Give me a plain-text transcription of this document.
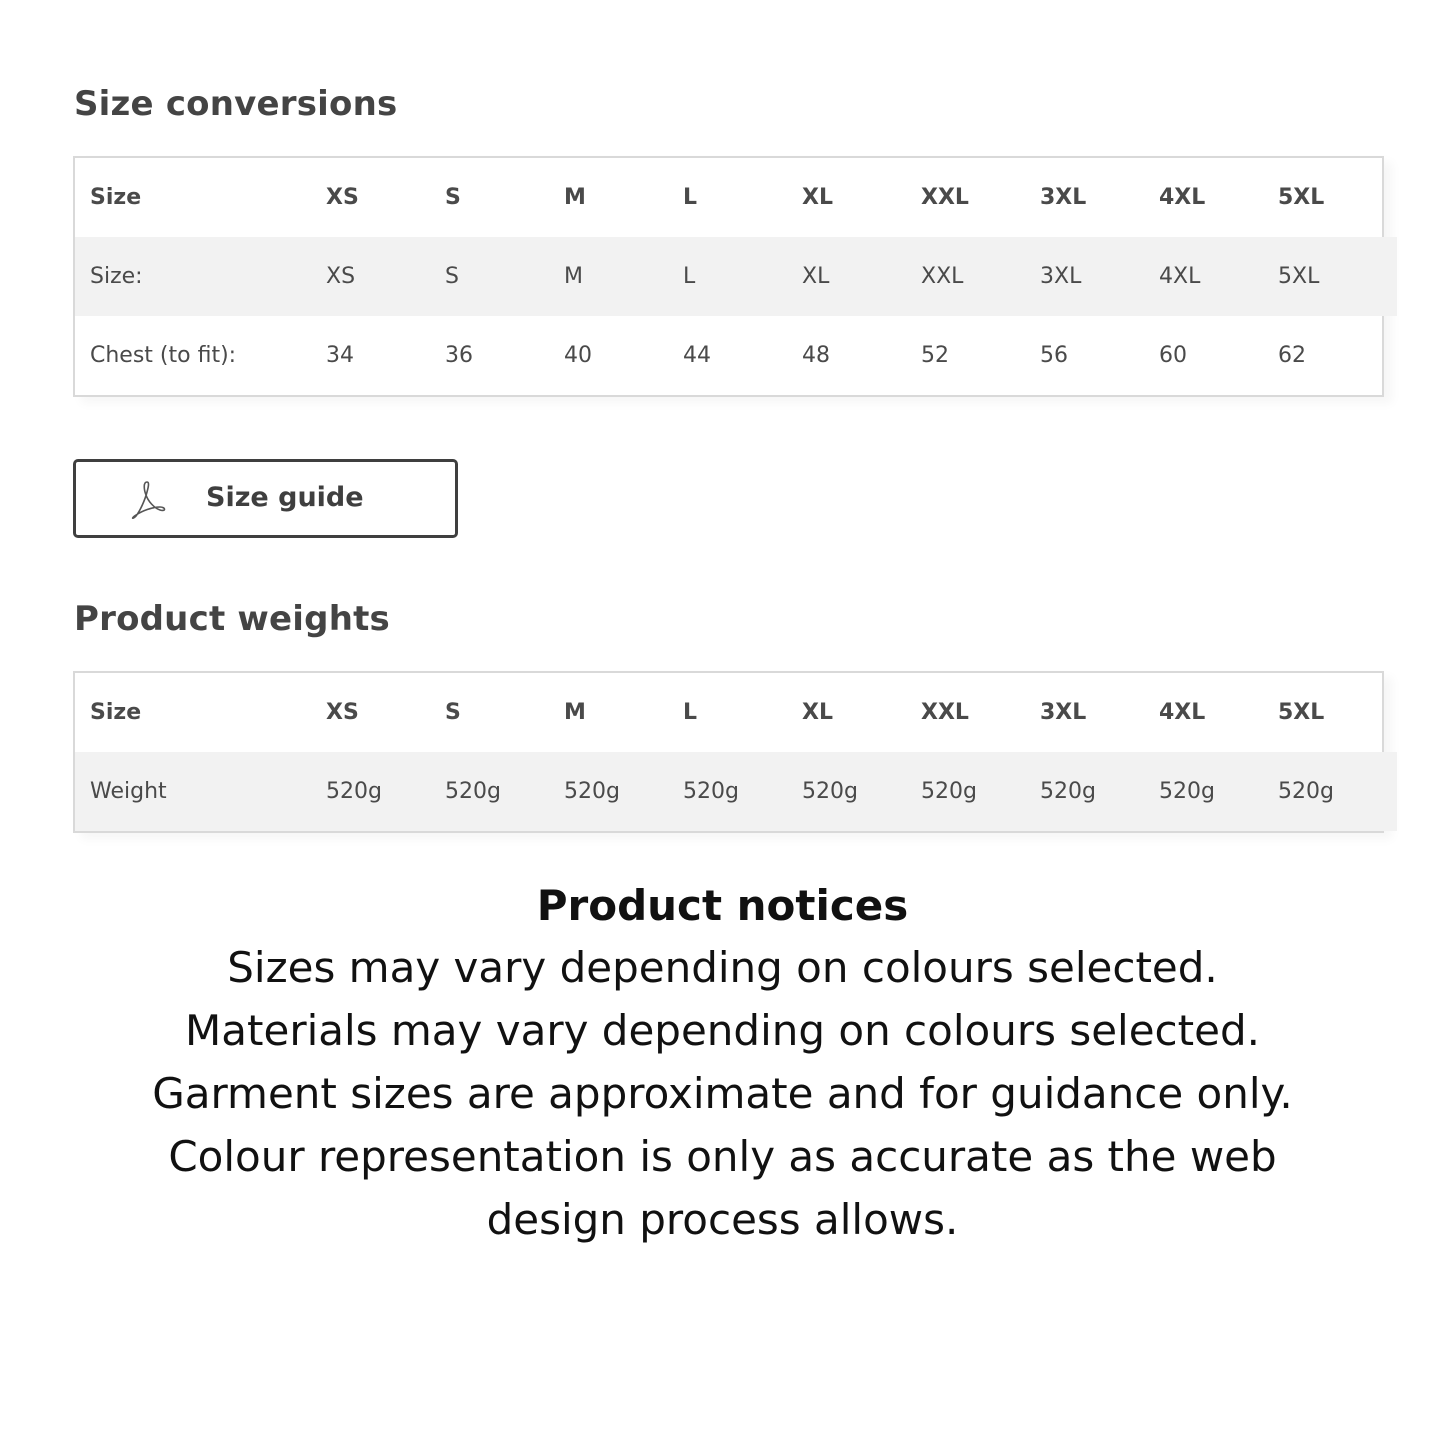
Size conversions
Size	XS	S	M	L	XL	XXL	3XL	4XL	5XL
Size:	XS	S	M	L	XL	XXL	3XL	4XL	5XL
Chest (to fit):	34	36	40	44	48	52	56	60	62
Size guide
Product weights
Size	XS	S	M	L	XL	XXL	3XL	4XL	5XL
Weight	520g	520g	520g	520g	520g	520g	520g	520g	520g

Product notices

Sizes may vary depending on colours selected.

Materials may vary depending on colours selected.

Garment sizes are approximate and for guidance only.

Colour representation is only as accurate as the web design process allows.
